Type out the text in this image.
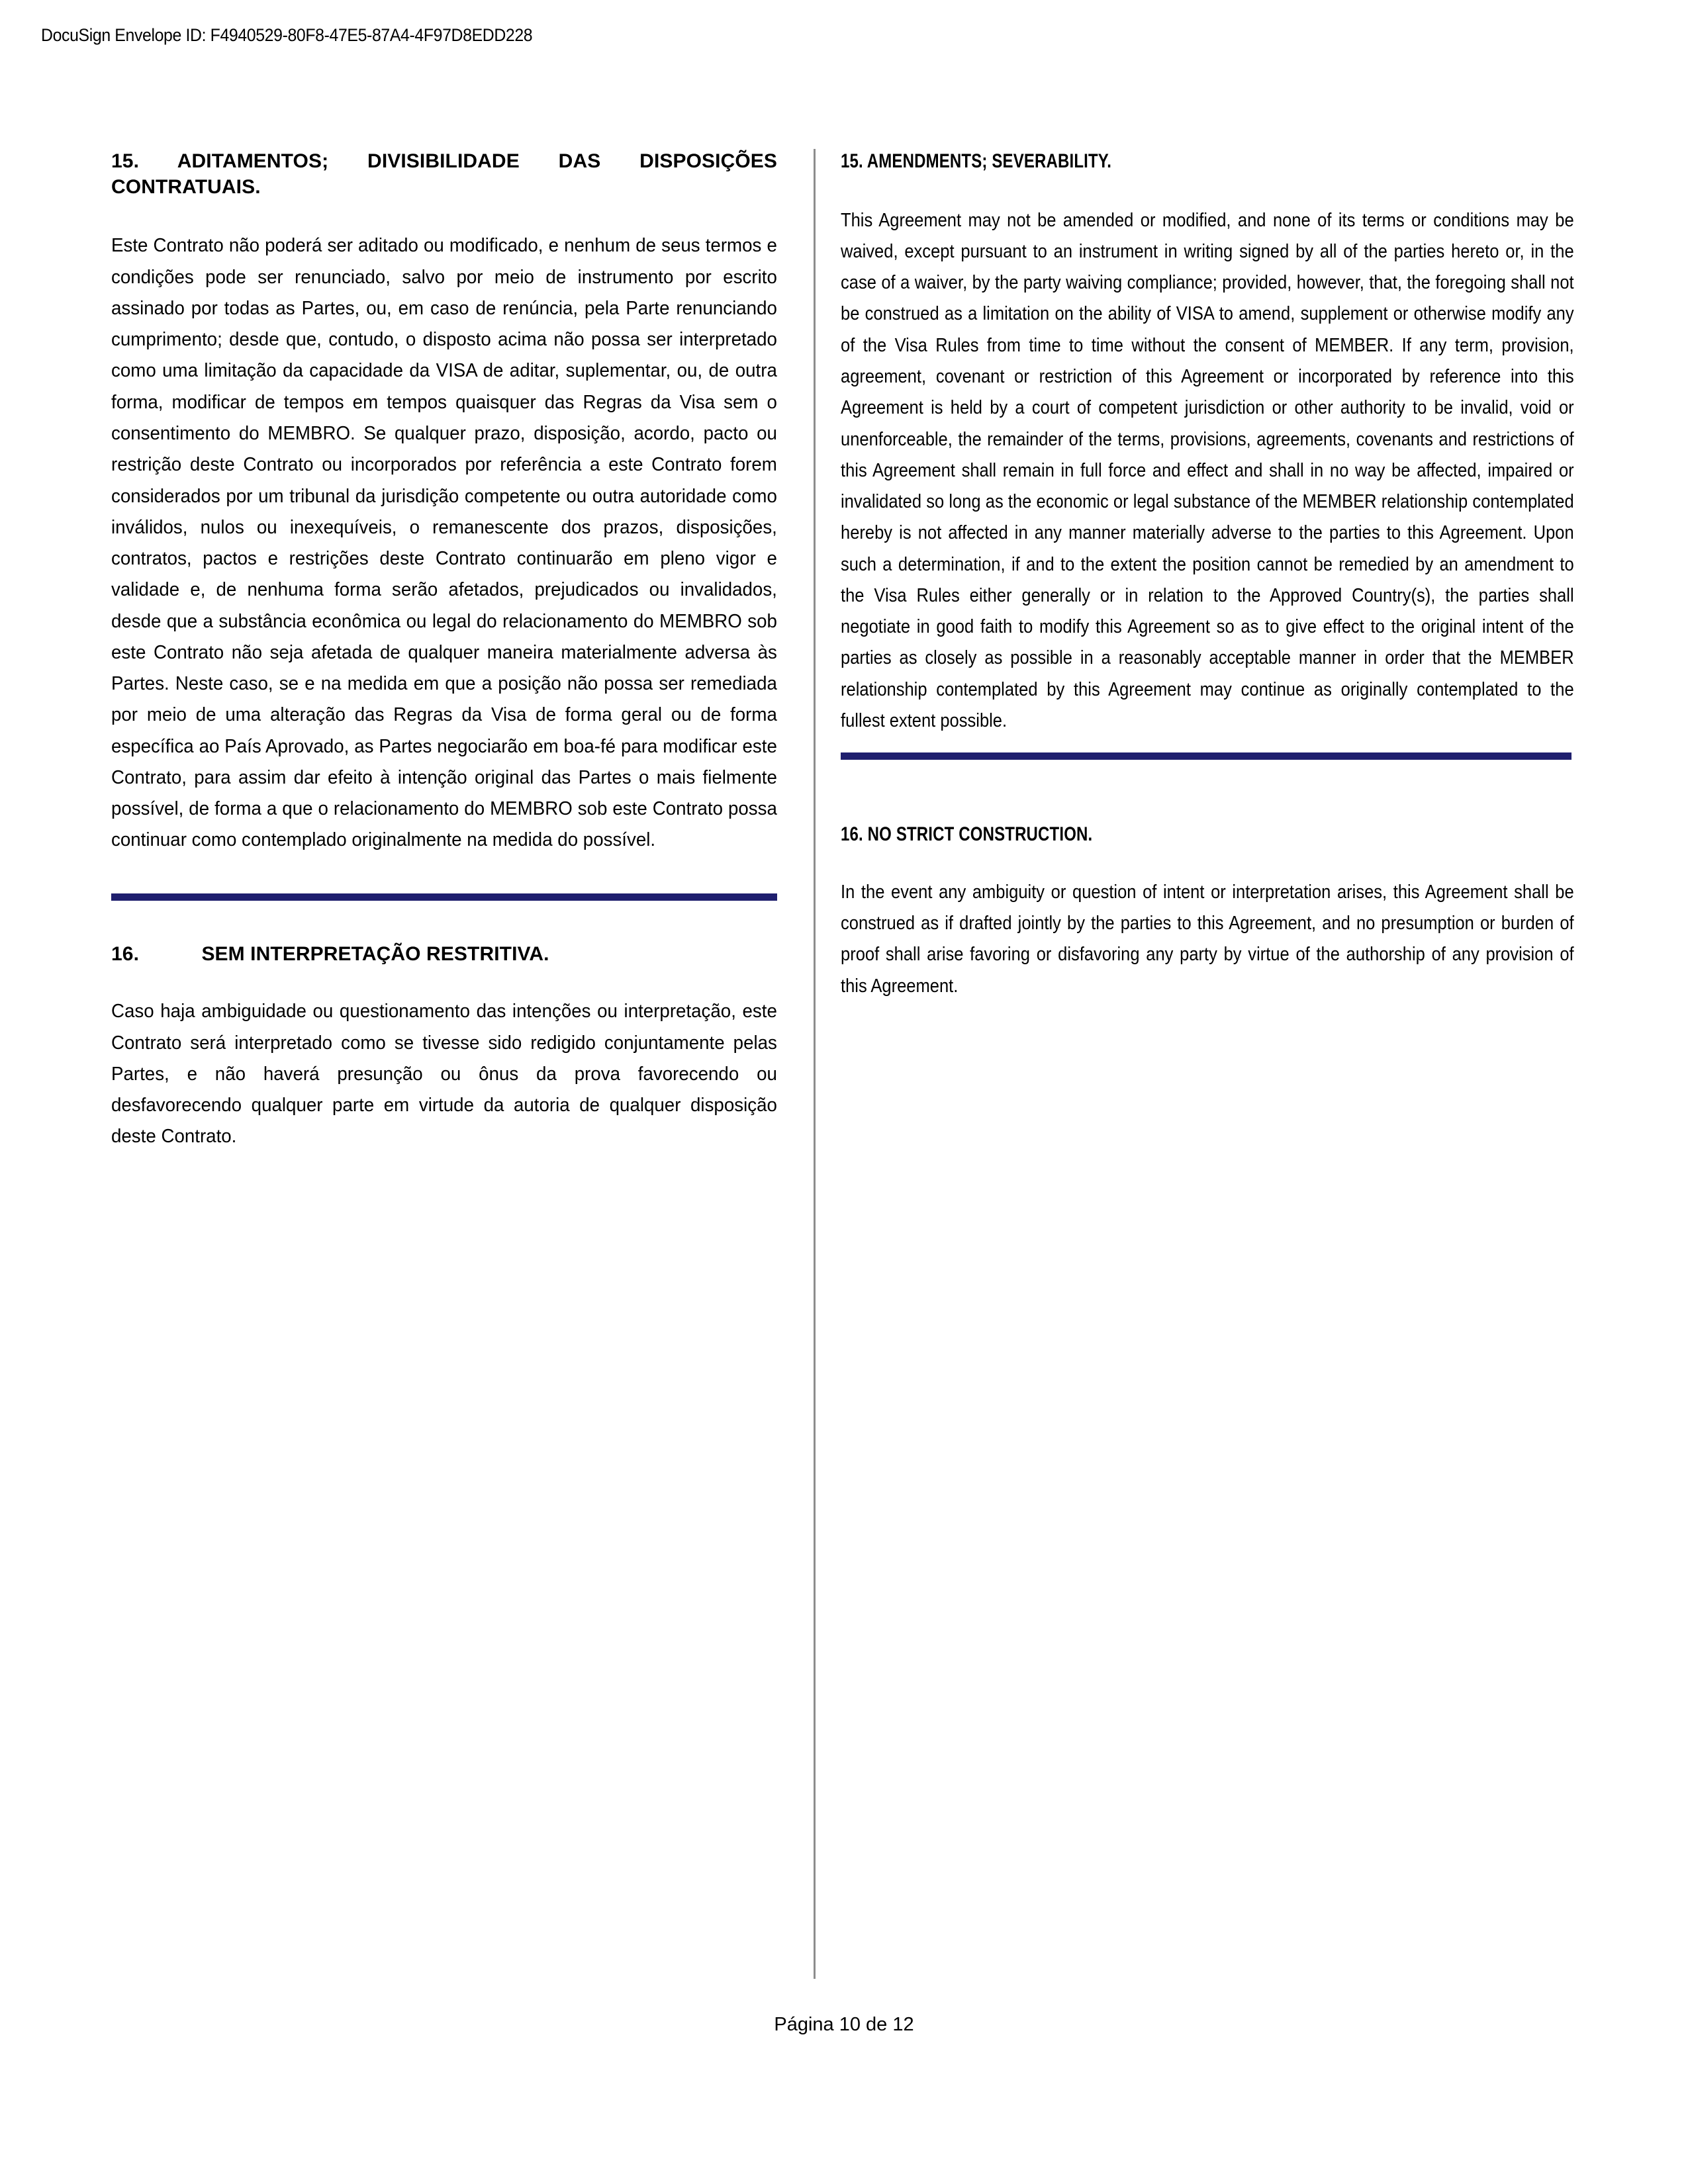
DocuSign Envelope ID: F4940529-80F8-47E5-87A4-4F97D8EDD228
15. ADITAMENTOS; DIVISIBILIDADE DAS DISPOSIÇÕES CONTRATUAIS.

Este Contrato não poderá ser aditado ou modificado, e nenhum de seus termos e condições pode ser renunciado, salvo por meio de instrumento por escrito assinado por todas as Partes, ou, em caso de renúncia, pela Parte renunciando cumprimento; desde que, contudo, o disposto acima não possa ser interpretado como uma limitação da capacidade da VISA de aditar, suplementar, ou, de outra forma, modificar de tempos em tempos quaisquer das Regras da Visa sem o consentimento do MEMBRO. Se qualquer prazo, disposição, acordo, pacto ou restrição deste Contrato ou incorporados por referência a este Contrato forem considerados por um tribunal da jurisdição competente ou outra autoridade como inválidos, nulos ou inexequíveis, o remanescente dos prazos, disposições, contratos, pactos e restrições deste Contrato continuarão em pleno vigor e validade e, de nenhuma forma serão afetados, prejudicados ou invalidados, desde que a substância econômica ou legal do relacionamento do MEMBRO sob este Contrato não seja afetada de qualquer maneira materialmente adversa às Partes. Neste caso, se e na medida em que a posição não possa ser remediada por meio de uma alteração das Regras da Visa de forma geral ou de forma específica ao País Aprovado, as Partes negociarão em boa-fé para modificar este Contrato, para assim dar efeito à intenção original das Partes o mais fielmente possível, de forma a que o relacionamento do MEMBRO sob este Contrato possa continuar como contemplado originalmente na medida do possível.

16.	SEM INTERPRETAÇÃO RESTRITIVA.

Caso haja ambiguidade ou questionamento das intenções ou interpretação, este Contrato será interpretado como se tivesse sido redigido conjuntamente pelas Partes, e não haverá presunção ou ônus da prova favorecendo ou desfavorecendo qualquer parte em virtude da autoria de qualquer disposição deste Contrato.

15. AMENDMENTS; SEVERABILITY.

This Agreement may not be amended or modified, and none of its terms or conditions may be waived, except pursuant to an instrument in writing signed by all of the parties hereto or, in the case of a waiver, by the party waiving compliance; provided, however, that, the foregoing shall not be construed as a limitation on the ability of VISA to amend, supplement or otherwise modify any of the Visa Rules from time to time without the consent of MEMBER. If any term, provision, agreement, covenant or restriction of this Agreement or incorporated by reference into this Agreement is held by a court of competent jurisdiction or other authority to be invalid, void or unenforceable, the remainder of the terms, provisions, agreements, covenants and restrictions of this Agreement shall remain in full force and effect and shall in no way be affected, impaired or invalidated so long as the economic or legal substance of the MEMBER relationship contemplated hereby is not affected in any manner materially adverse to the parties to this Agreement. Upon such a determination, if and to the extent the position cannot be remedied by an amendment to the Visa Rules either generally or in relation to the Approved Country(s), the parties shall negotiate in good faith to modify this Agreement so as to give effect to the original intent of the parties as closely as possible in a reasonably acceptable manner in order that the MEMBER relationship contemplated by this Agreement may continue as originally contemplated to the fullest extent possible.

16. NO STRICT CONSTRUCTION.

In the event any ambiguity or question of intent or interpretation arises, this Agreement shall be construed as if drafted jointly by the parties to this Agreement, and no presumption or burden of proof shall arise favoring or disfavoring any party by virtue of the authorship of any provision of this Agreement.

Página 10 de 12
